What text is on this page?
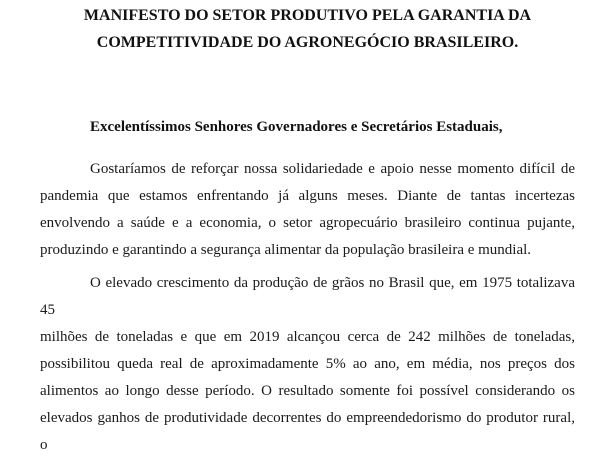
MANIFESTO DO SETOR PRODUTIVO PELA GARANTIA DA
COMPETITIVIDADE DO AGRONEGÓCIO BRASILEIRO.
Excelentíssimos Senhores Governadores e Secretários Estaduais,
Gostaríamos de reforçar nossa solidariedade e apoio nesse momento difícil de
pandemia que estamos enfrentando já alguns meses. Diante de tantas incertezas
envolvendo a saúde e a economia, o setor agropecuário brasileiro continua pujante,
produzindo e garantindo a segurança alimentar da população brasileira e mundial.
O elevado crescimento da produção de grãos no Brasil que, em 1975 totalizava 45
milhões de toneladas e que em 2019 alcançou cerca de 242 milhões de toneladas,
possibilitou queda real de aproximadamente 5% ao ano, em média, nos preços dos
alimentos ao longo desse período. O resultado somente foi possível considerando os
elevados ganhos de produtividade decorrentes do empreendedorismo do produtor rural, o
